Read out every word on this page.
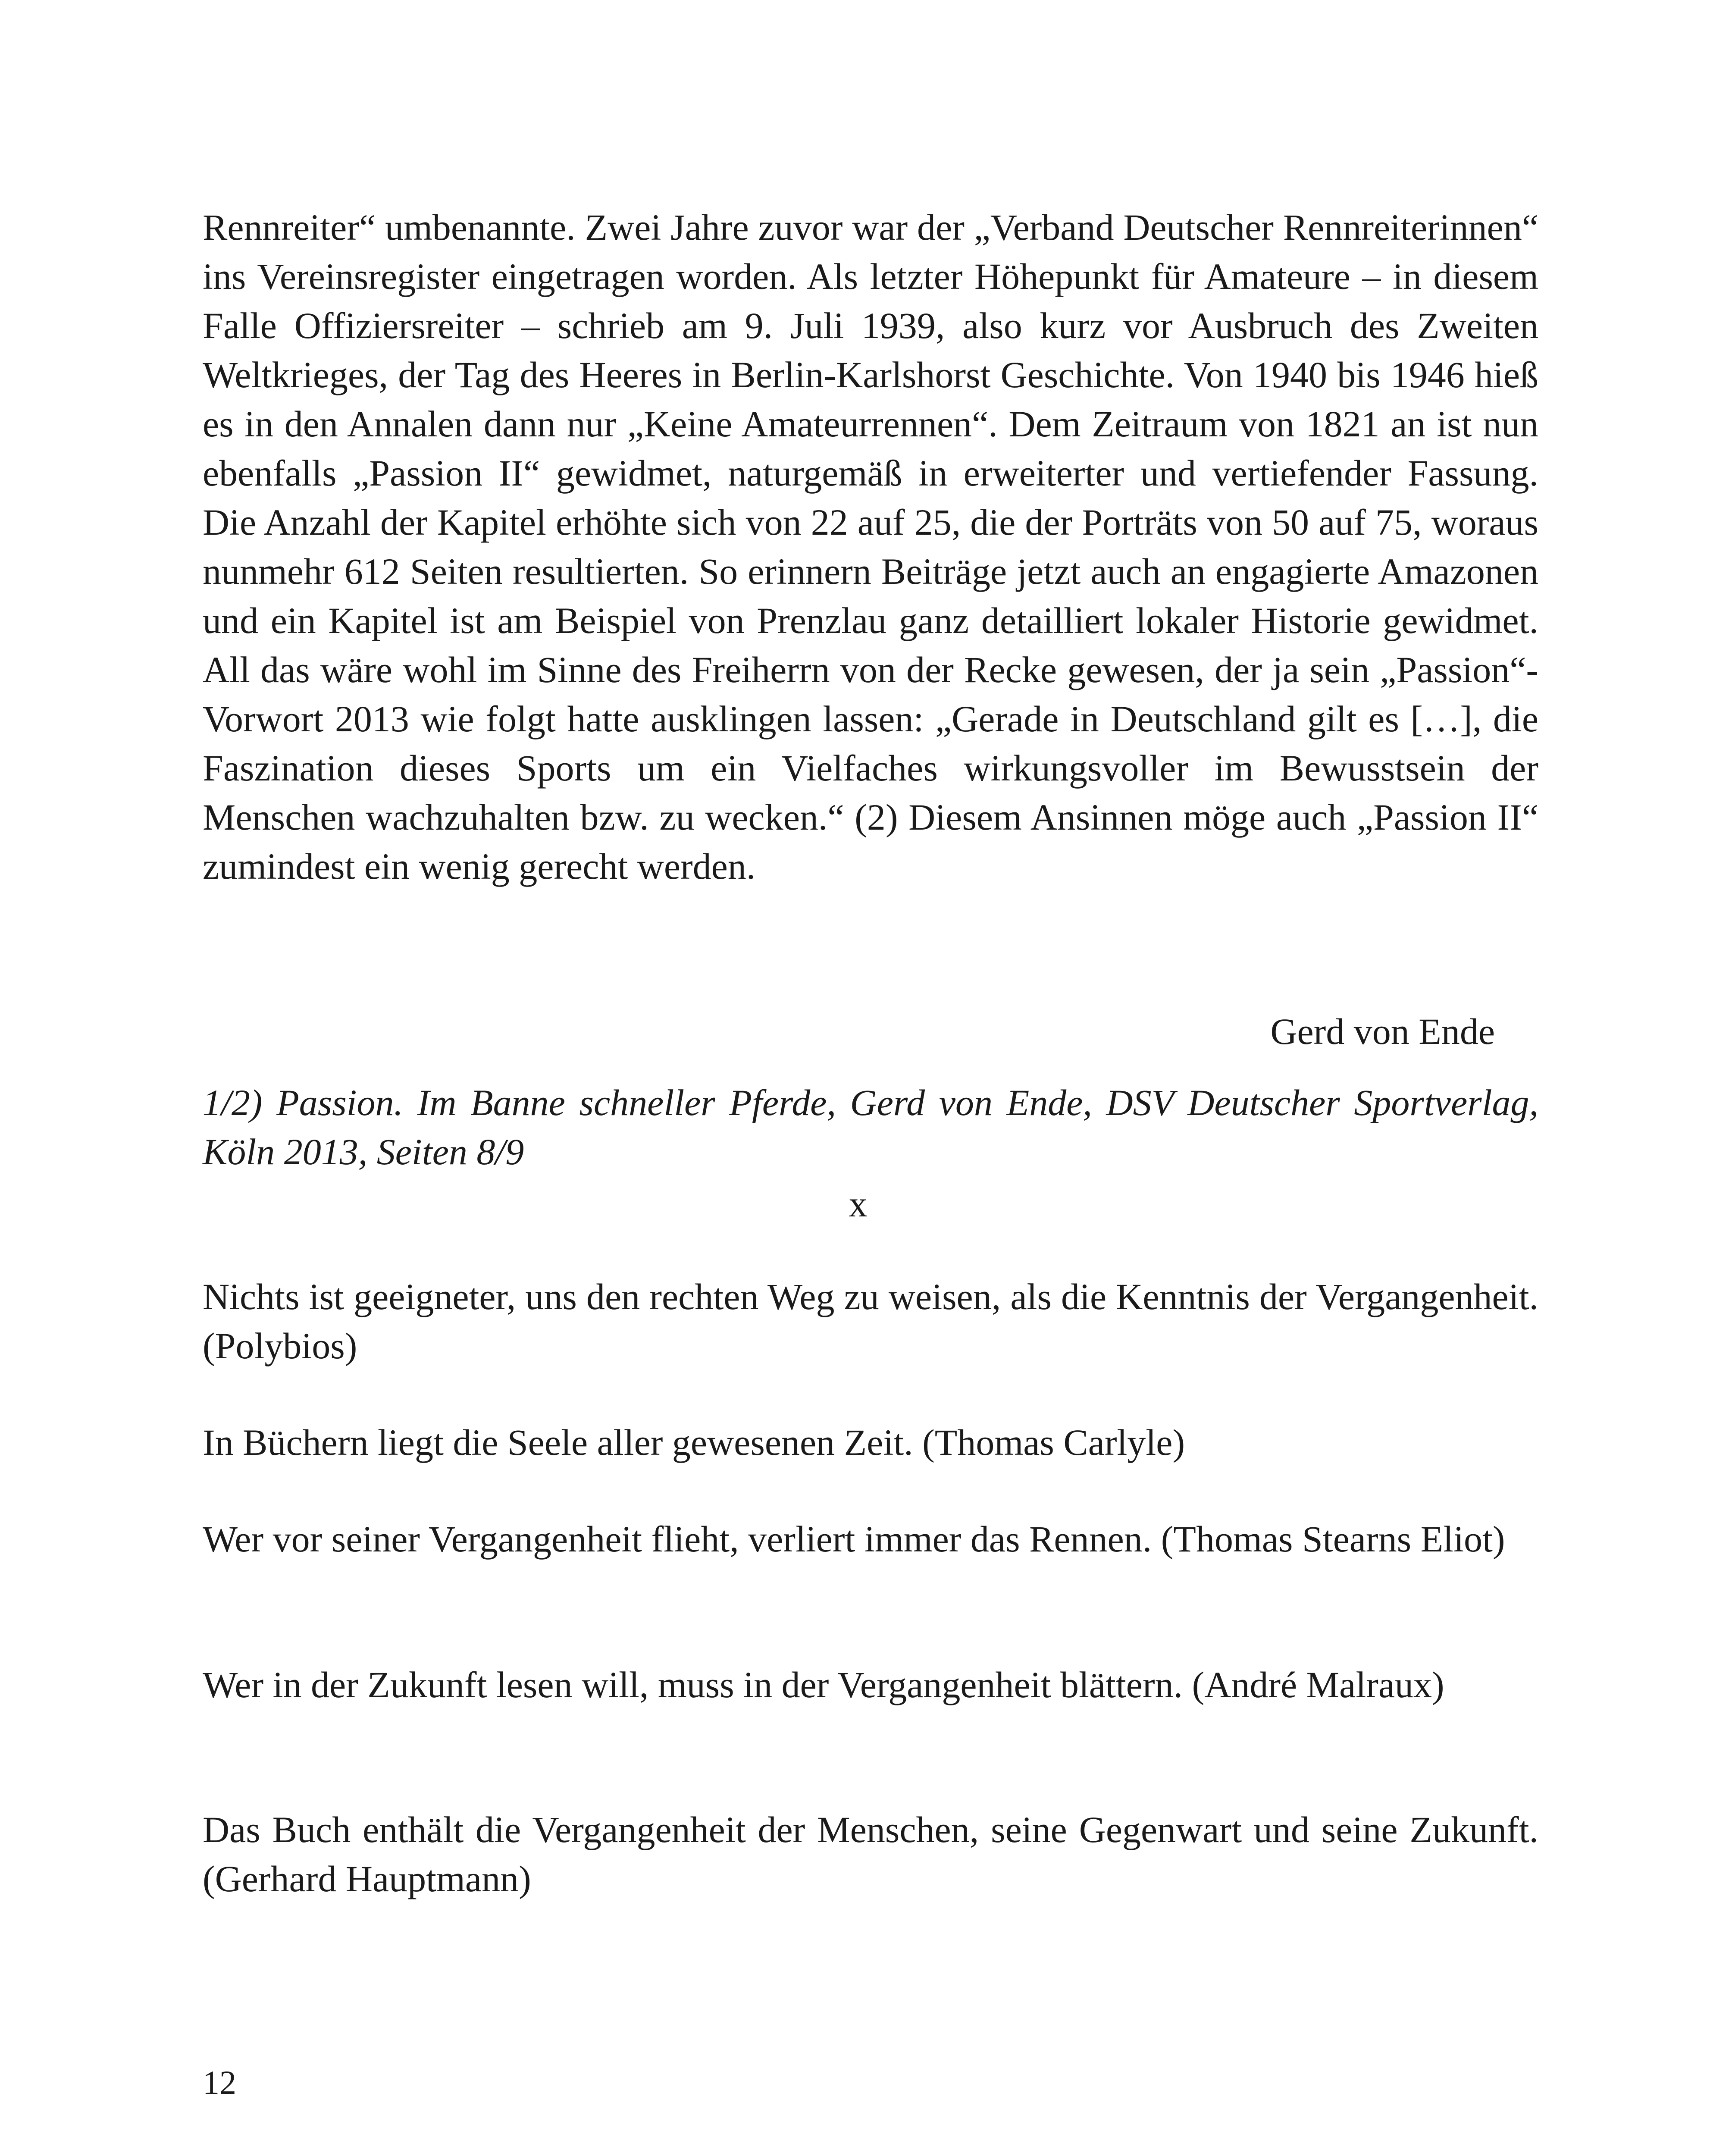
Rennreiter“ umbenannte. Zwei Jahre zuvor war der „Verband Deutscher Rennreiterinnen“ ins Vereinsregister eingetragen worden. Als letzter Höhepunkt für Amateure – in diesem Falle Offiziersreiter – schrieb am 9. Juli 1939, also kurz vor Ausbruch des Zweiten Weltkrieges, der Tag des Heeres in Berlin-Karlshorst Geschichte. Von 1940 bis 1946 hieß es in den Annalen dann nur „Keine Amateurrennen“. Dem Zeitraum von 1821 an ist nun ebenfalls „Passion II“ gewidmet, naturgemäß in erweiterter und vertiefender Fassung. Die Anzahl der Kapitel erhöhte sich von 22 auf 25, die der Porträts von 50 auf 75, woraus nunmehr 612 Seiten resultierten. So erinnern Beiträge jetzt auch an engagierte Amazonen und ein Kapitel ist am Beispiel von Prenzlau ganz detailliert lokaler Historie gewidmet. All das wäre wohl im Sinne des Freiherrn von der Recke gewesen, der ja sein „Passion“-Vorwort 2013 wie folgt hatte ausklingen lassen: „Gerade in Deutschland gilt es […], die Faszination dieses Sports um ein Vielfaches wirkungsvoller im Bewusstsein der Menschen wachzuhalten bzw. zu wecken.“ (2) Diesem Ansinnen möge auch „Passion II“ zumindest ein wenig gerecht werden.

Gerd von Ende

1/2) Passion. Im Banne schneller Pferde, Gerd von Ende, DSV Deutscher Sportverlag, Köln 2013, Seiten 8/9

x

Nichts ist geeigneter, uns den rechten Weg zu weisen, als die Kenntnis der Vergangenheit. (Polybios)

In Büchern liegt die Seele aller gewesenen Zeit. (Thomas Carlyle)

Wer vor seiner Vergangenheit flieht, verliert immer das Rennen. (Thomas Stearns Eliot)

Wer in der Zukunft lesen will, muss in der Vergangenheit blättern. (André Malraux)

Das Buch enthält die Vergangenheit der Menschen, seine Gegenwart und seine Zukunft. (Gerhard Hauptmann)

12
